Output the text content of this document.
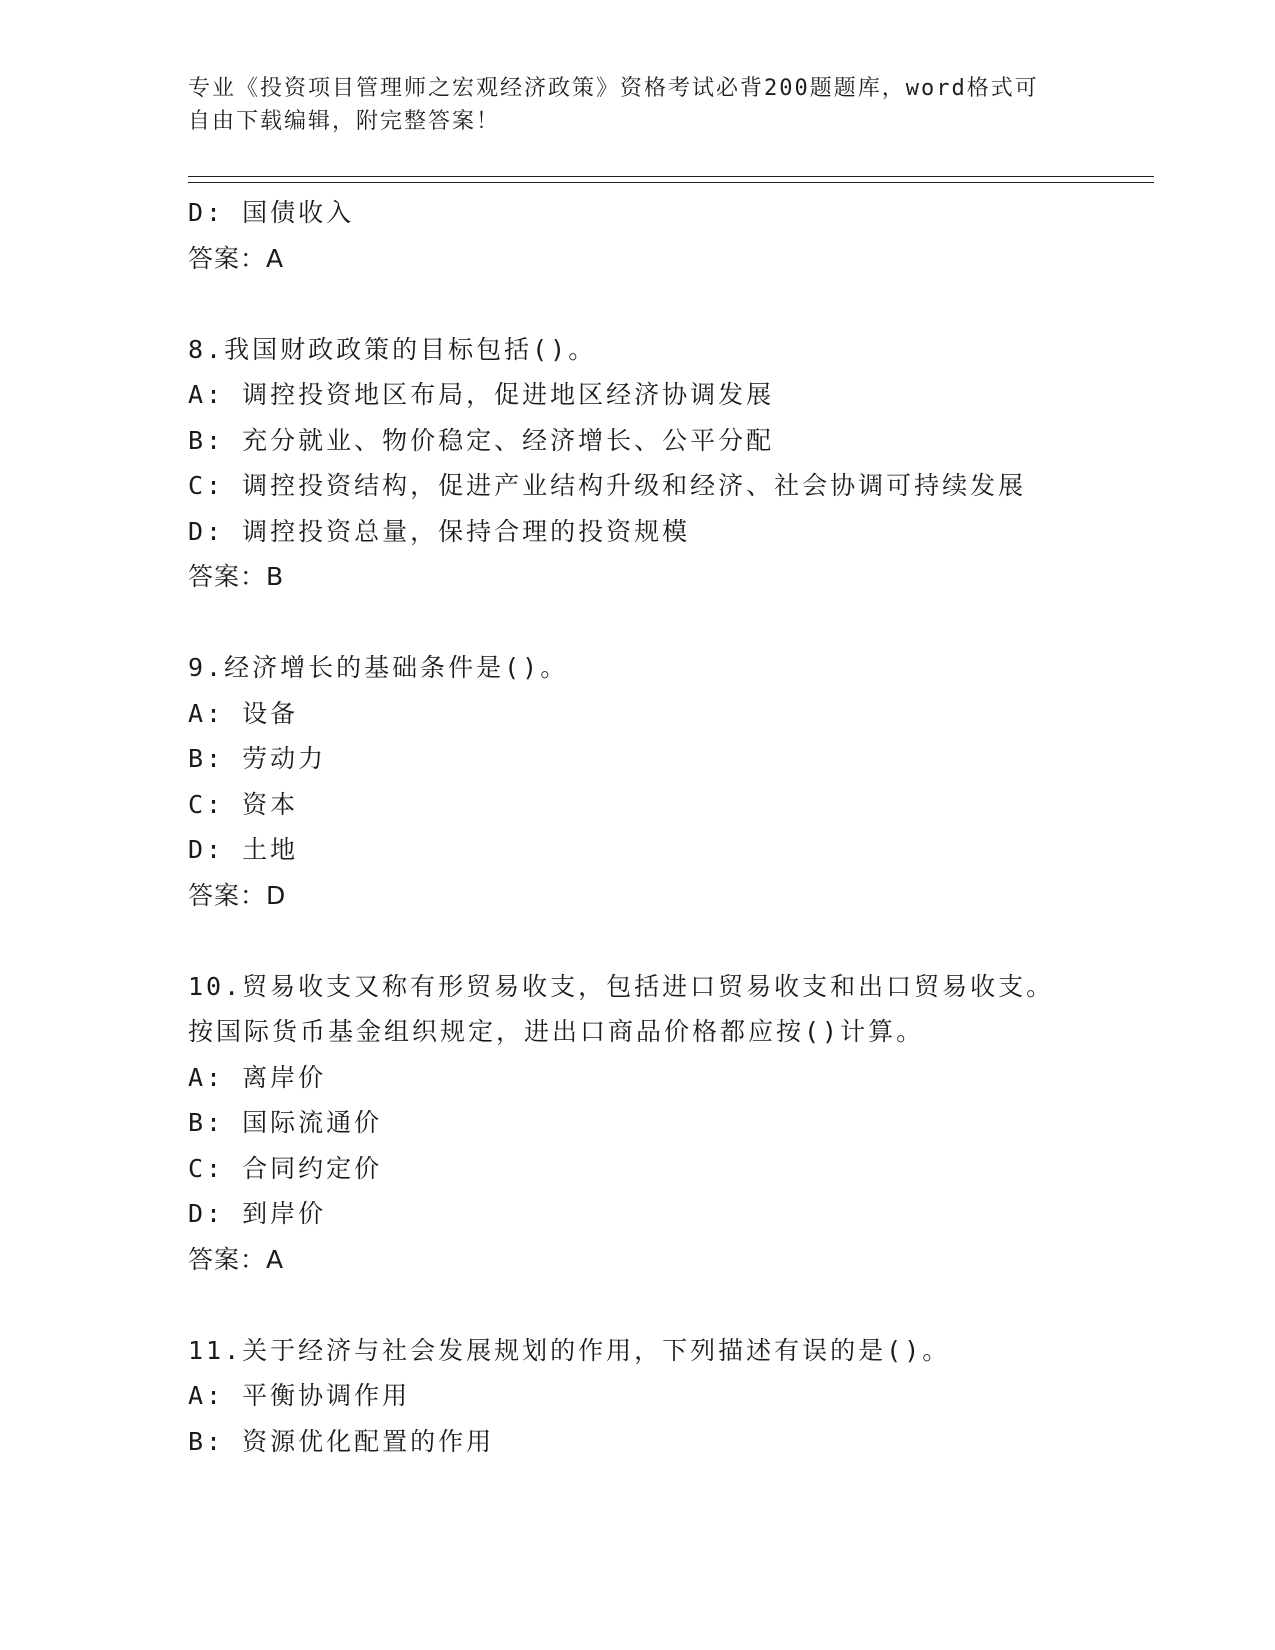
专业《投资项目管理师之宏观经济政策》资格考试必背200题题库，word格式可
自由下载编辑，附完整答案！
D: 国债收入
答案：A
8.我国财政政策的目标包括()。
A: 调控投资地区布局，促进地区经济协调发展
B: 充分就业、物价稳定、经济增长、公平分配
C: 调控投资结构，促进产业结构升级和经济、社会协调可持续发展
D: 调控投资总量，保持合理的投资规模
答案：B
9.经济增长的基础条件是()。
A: 设备
B: 劳动力
C: 资本
D: 土地
答案：D
10.贸易收支又称有形贸易收支，包括进口贸易收支和出口贸易收支。
按国际货币基金组织规定，进出口商品价格都应按()计算。
A: 离岸价
B: 国际流通价
C: 合同约定价
D: 到岸价
答案：A
11.关于经济与社会发展规划的作用，下列描述有误的是()。
A: 平衡协调作用
B: 资源优化配置的作用
